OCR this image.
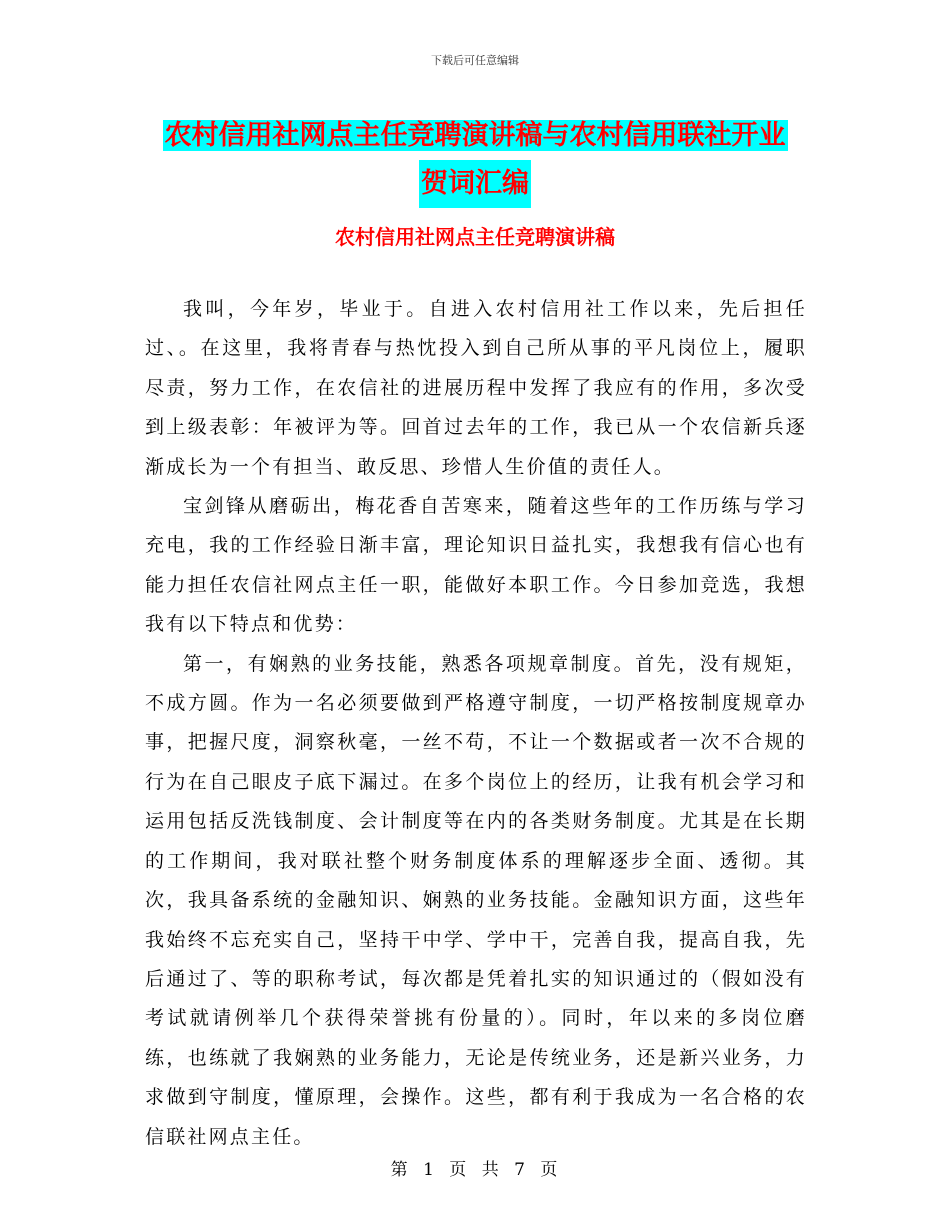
下载后可任意编辑
农村信用社网点主任竞聘演讲稿与农村信用联社开业
贺词汇编
农村信用社网点主任竞聘演讲稿

我叫，今年岁，毕业于。自进入农村信用社工作以来，先后担任过、。在这里，我将青春与热忱投入到自己所从事的平凡岗位上，履职尽责，努力工作，在农信社的进展历程中发挥了我应有的作用，多次受到上级表彰：年被评为等。回首过去年的工作，我已从一个农信新兵逐渐成长为一个有担当、敢反思、珍惜人生价值的责任人。

宝剑锋从磨砺出，梅花香自苦寒来，随着这些年的工作历练与学习充电，我的工作经验日渐丰富，理论知识日益扎实，我想我有信心也有能力担任农信社网点主任一职，能做好本职工作。今日参加竞选，我想我有以下特点和优势：

第一，有娴熟的业务技能，熟悉各项规章制度。首先，没有规矩，不成方圆。作为一名必须要做到严格遵守制度，一切严格按制度规章办事，把握尺度，洞察秋毫，一丝不苟，不让一个数据或者一次不合规的行为在自己眼皮子底下漏过。在多个岗位上的经历，让我有机会学习和运用包括反洗钱制度、会计制度等在内的各类财务制度。尤其是在长期的工作期间，我对联社整个财务制度体系的理解逐步全面、透彻。其次，我具备系统的金融知识、娴熟的业务技能。金融知识方面，这些年我始终不忘充实自己，坚持干中学、学中干，完善自我，提高自我，先后通过了、等的职称考试，每次都是凭着扎实的知识通过的（假如没有考试就请例举几个获得荣誉挑有份量的）。同时，年以来的多岗位磨练，也练就了我娴熟的业务能力，无论是传统业务，还是新兴业务，力求做到守制度，懂原理，会操作。这些，都有利于我成为一名合格的农信联社网点主任。

第 1 页 共 7 页
